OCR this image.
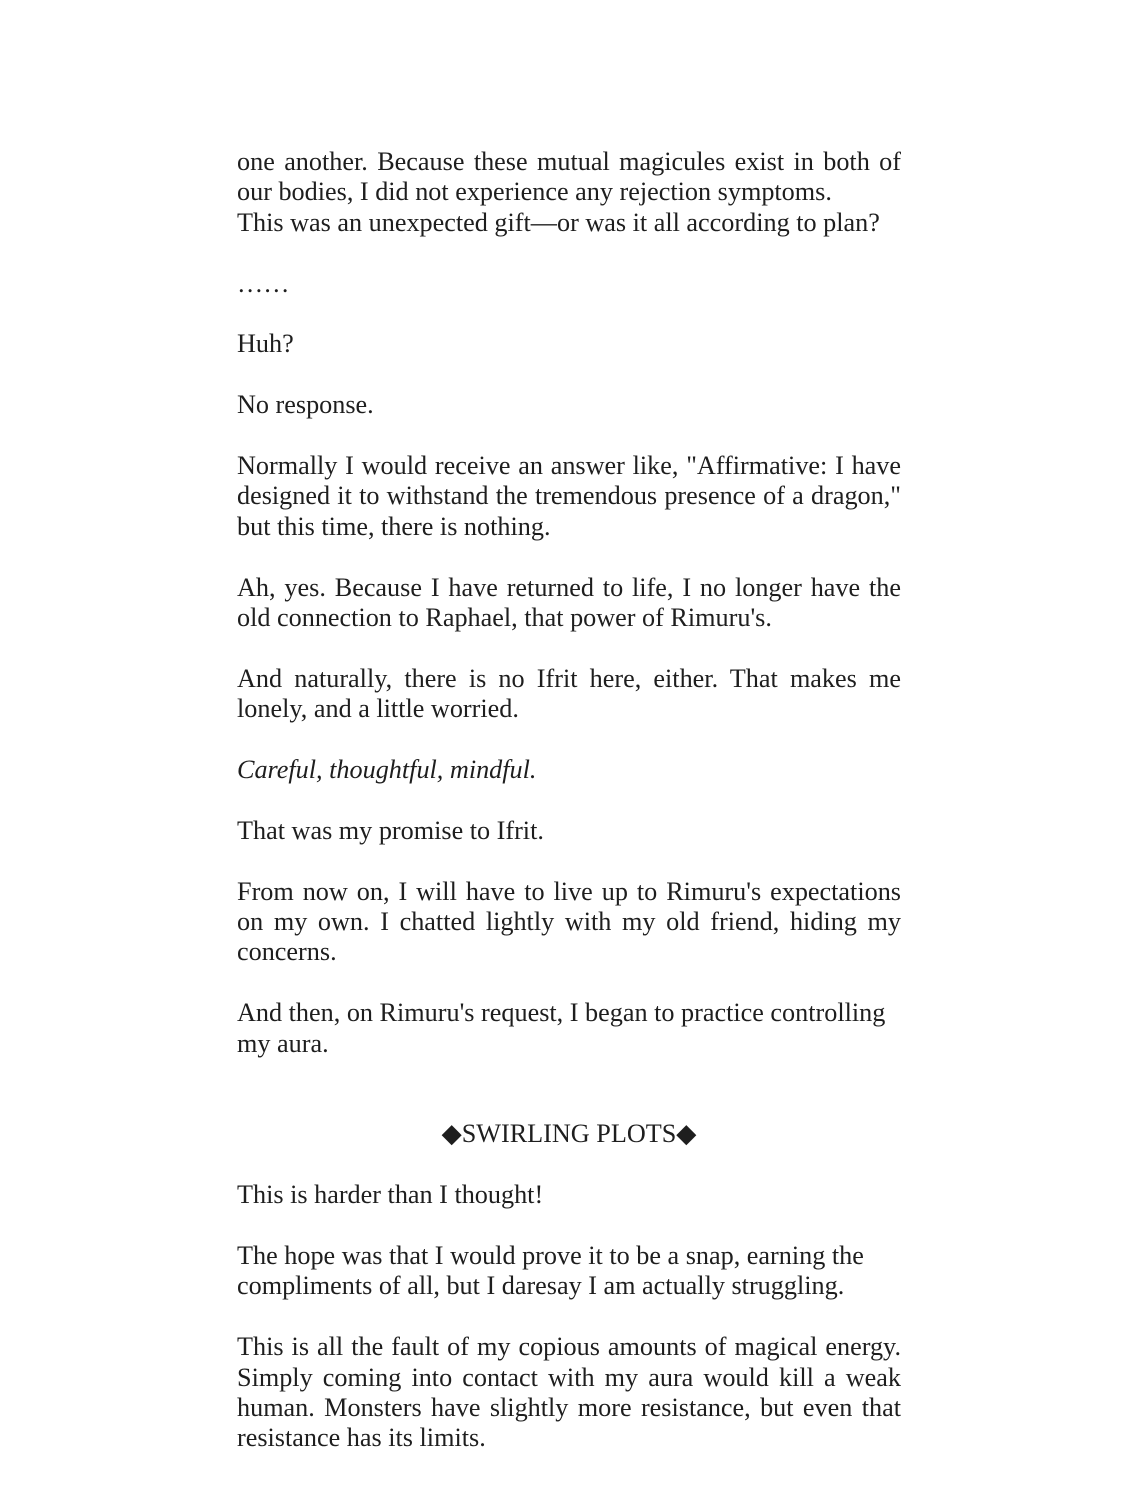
one another. Because these mutual magicules exist in both of our bodies, I did not experience any rejection symptoms.
This was an unexpected gift—or was it all according to plan?

……

Huh?

No response.

Normally I would receive an answer like, "Affirmative: I have designed it to withstand the tremendous presence of a dragon," but this time, there is nothing.

Ah, yes. Because I have returned to life, I no longer have the old connection to Raphael, that power of Rimuru's.

And naturally, there is no Ifrit here, either. That makes me lonely, and a little worried.

Careful, thoughtful, mindful.

That was my promise to Ifrit.

From now on, I will have to live up to Rimuru's expectations on my own. I chatted lightly with my old friend, hiding my concerns.

And then, on Rimuru's request, I began to practice controlling my aura.

◆SWIRLING PLOTS◆

This is harder than I thought!

The hope was that I would prove it to be a snap, earning the compliments of all, but I daresay I am actually struggling.

This is all the fault of my copious amounts of magical energy. Simply coming into contact with my aura would kill a weak human. Monsters have slightly more resistance, but even that resistance has its limits.
